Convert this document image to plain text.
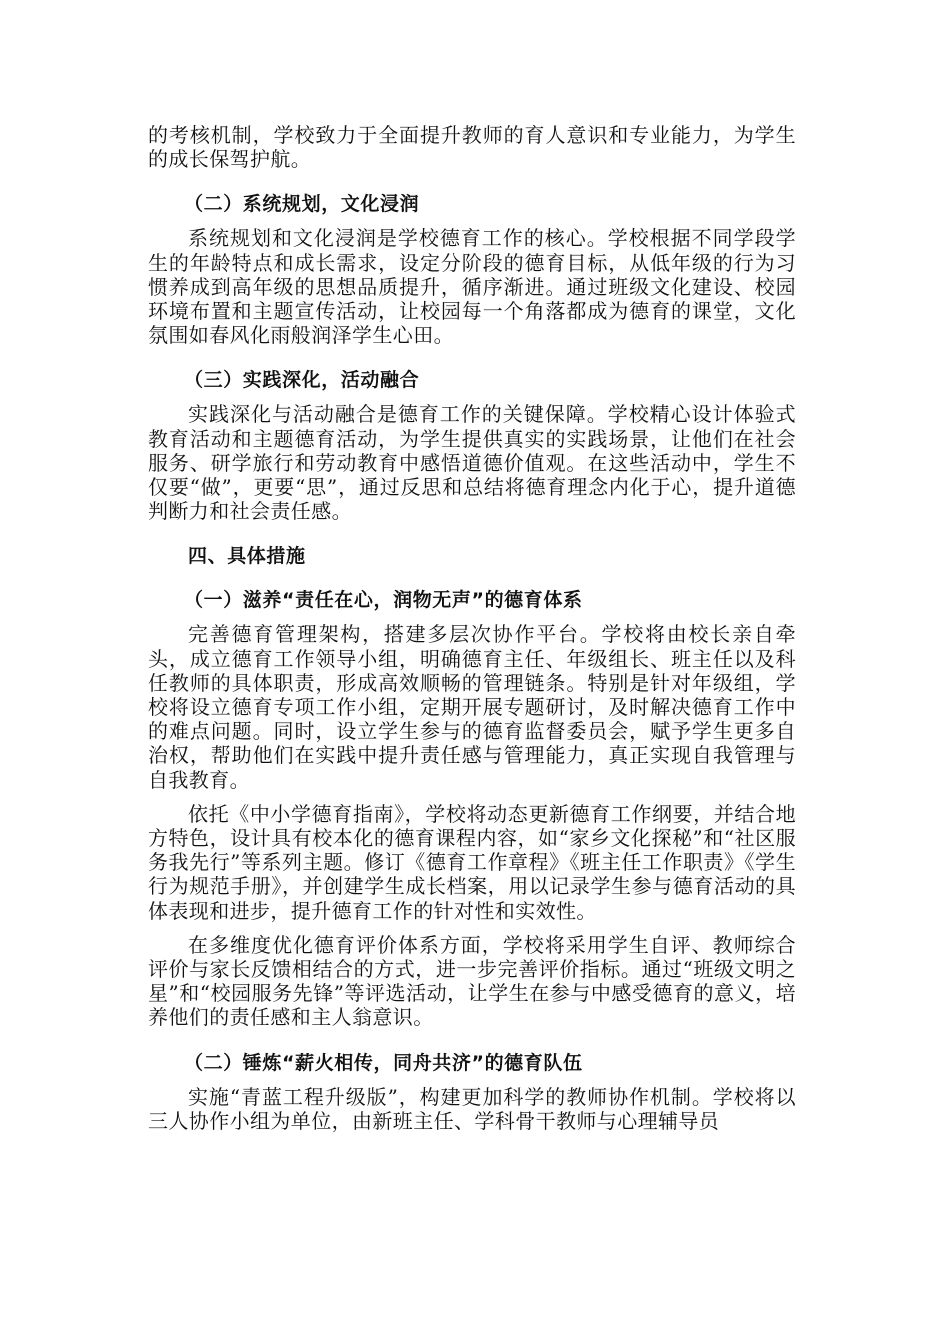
的考核机制，学校致力于全面提升教师的育人意识和专业能力，为学生的成长保驾护航。

（二）系统规划，文化浸润

系统规划和文化浸润是学校德育工作的核心。学校根据不同学段学生的年龄特点和成长需求，设定分阶段的德育目标，从低年级的行为习惯养成到高年级的思想品质提升，循序渐进。通过班级文化建设、校园环境布置和主题宣传活动，让校园每一个角落都成为德育的课堂，文化氛围如春风化雨般润泽学生心田。

（三）实践深化，活动融合

实践深化与活动融合是德育工作的关键保障。学校精心设计体验式教育活动和主题德育活动，为学生提供真实的实践场景，让他们在社会服务、研学旅行和劳动教育中感悟道德价值观。在这些活动中，学生不仅要“做”，更要“思”，通过反思和总结将德育理念内化于心，提升道德判断力和社会责任感。

四、具体措施
（一）滋养“责任在心，润物无声”的德育体系

完善德育管理架构，搭建多层次协作平台。学校将由校长亲自牵头，成立德育工作领导小组，明确德育主任、年级组长、班主任以及科任教师的具体职责，形成高效顺畅的管理链条。特别是针对年级组，学校将设立德育专项工作小组，定期开展专题研讨，及时解决德育工作中的难点问题。同时，设立学生参与的德育监督委员会，赋予学生更多自治权，帮助他们在实践中提升责任感与管理能力，真正实现自我管理与自我教育。

依托《中小学德育指南》，学校将动态更新德育工作纲要，并结合地方特色，设计具有校本化的德育课程内容，如“家乡文化探秘”和“社区服务我先行”等系列主题。修订《德育工作章程》《班主任工作职责》《学生行为规范手册》，并创建学生成长档案，用以记录学生参与德育活动的具体表现和进步，提升德育工作的针对性和实效性。

在多维度优化德育评价体系方面，学校将采用学生自评、教师综合评价与家长反馈相结合的方式，进一步完善评价指标。通过“班级文明之星”和“校园服务先锋”等评选活动，让学生在参与中感受德育的意义，培养他们的责任感和主人翁意识。

（二）锤炼“薪火相传，同舟共济”的德育队伍

实施“青蓝工程升级版”，构建更加科学的教师协作机制。学校将以三人协作小组为单位，由新班主任、学科骨干教师与心理辅导员
